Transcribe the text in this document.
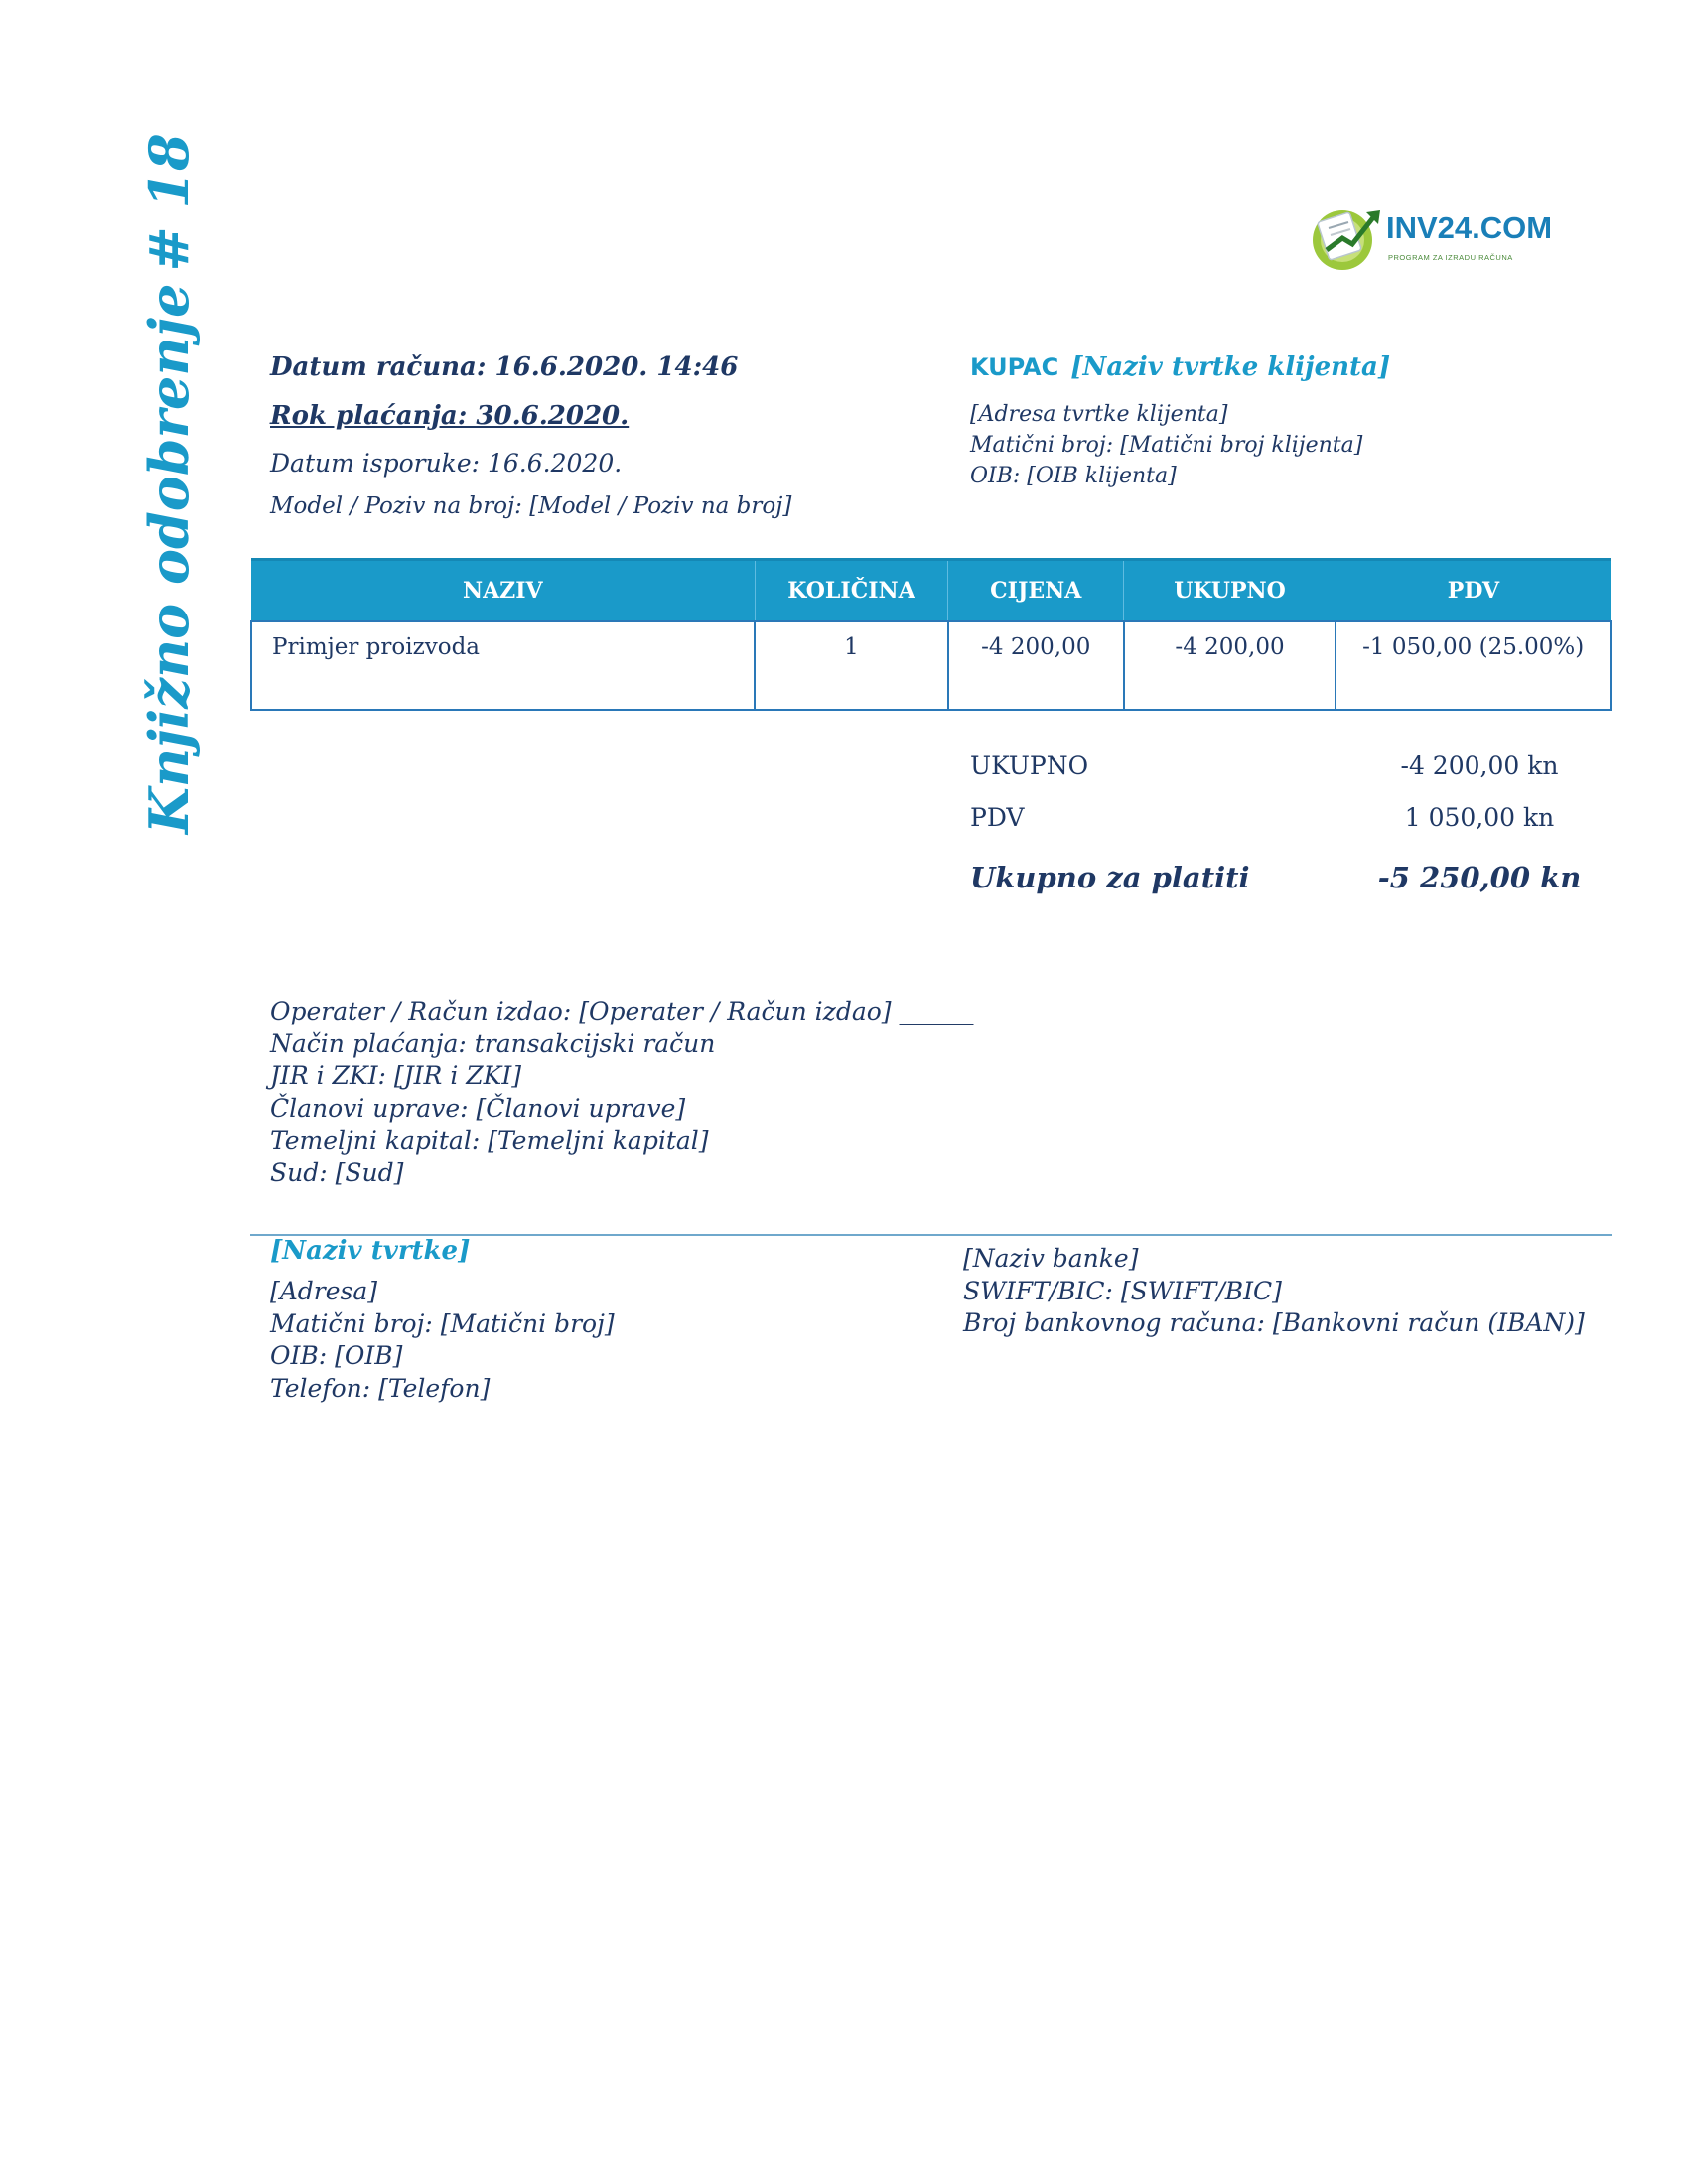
Knjižno odobrenje# 18	INV24.COM
PROGRAM ZA IZRADU RAČUNA
Datum računa: 16.6.2020. 14:46
Rok plaćanja: 30.6.2020.
Datum isporuke: 16.6.2020.
Model / Poziv na broj: [Model / Poziv na broj]
KUPAC [Naziv tvrtke klijenta]
[Adresa tvrtke klijenta]
Matični broj: [Matični broj klijenta]
OIB: [OIB klijenta]
NAZIV	KOLIČINA	CIJENA	UKUPNO	PDV
Primjer proizvoda	1	-4 200,00	-4 200,00	-1 050,00 (25.00%)
UKUPNO	-4 200,00 kn
PDV	1 050,00 kn
Ukupno za platiti	-5 250,00 kn
Operater / Račun izdao: [Operater / Račun izdao] ______
Način plaćanja: transakcijski račun
JIR i ZKI: [JIR i ZKI]
Članovi uprave: [Članovi uprave]
Temeljni kapital: [Temeljni kapital]
Sud: [Sud]
[Naziv tvrtke]
[Adresa]
Matični broj: [Matični broj]
OIB: [OIB]
Telefon: [Telefon]
[Naziv banke]
SWIFT/BIC: [SWIFT/BIC]
Broj bankovnog računa: [Bankovni račun (IBAN)]
